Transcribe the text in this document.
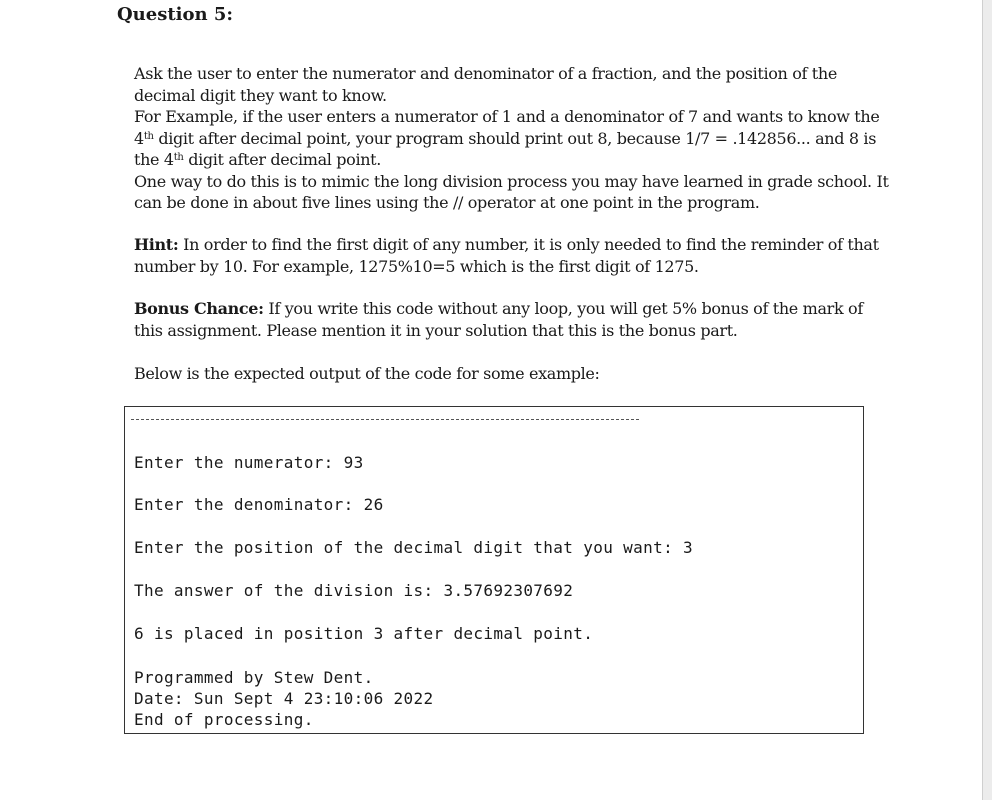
Question 5:

Ask the user to enter the numerator and denominator of a fraction, and the position of the decimal digit they want to know.

For Example, if the user enters a numerator of 1 and a denominator of 7 and wants to know the 4th digit after decimal point, your program should print out 8, because 1/7 = .142856... and 8 is the 4th digit after decimal point.

One way to do this is to mimic the long division process you may have learned in grade school. It can be done in about five lines using the // operator at one point in the program.

Hint: In order to find the first digit of any number, it is only needed to find the reminder of that number by 10. For example, 1275%10=5 which is the first digit of 1275.

Bonus Chance: If you write this code without any loop, you will get 5% bonus of the mark of this assignment. Please mention it in your solution that this is the bonus part.

Below is the expected output of the code for some example:

Enter the numerator: 93
Enter the denominator: 26
Enter the position of the decimal digit that you want: 3
The answer of the division is: 3.57692307692
6 is placed in position 3 after decimal point.
Programmed by Stew Dent.
Date: Sun Sept 4 23:10:06 2022
End of processing.
